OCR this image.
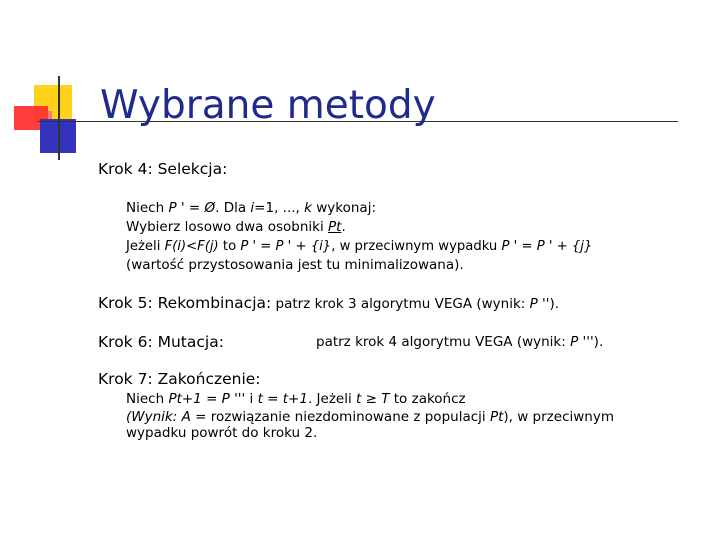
Wybrane metody
Krok 4: Selekcja:
Niech P ' = Ø. Dla i=1, ..., k wykonaj:
Wybierz losowo dwa osobniki Pt.
Jeżeli F(i)<F(j) to P ' = P ' + {i}, w przeciwnym wypadku P ' = P ' + {j}
(wartość przystosowania jest tu minimalizowana).
Krok 5: Rekombinacja: patrz krok 3 algorytmu VEGA (wynik: P '').
Krok 6: Mutacja:	patrz krok 4 algorytmu VEGA (wynik: P ''').
Krok 7: Zakończenie:
Niech Pt+1 = P ''' i t = t+1. Jeżeli t ≥ T to zakończ
(Wynik: A = rozwiązanie niezdominowane z populacji Pt), w przeciwnym
wypadku powrót do kroku 2.
